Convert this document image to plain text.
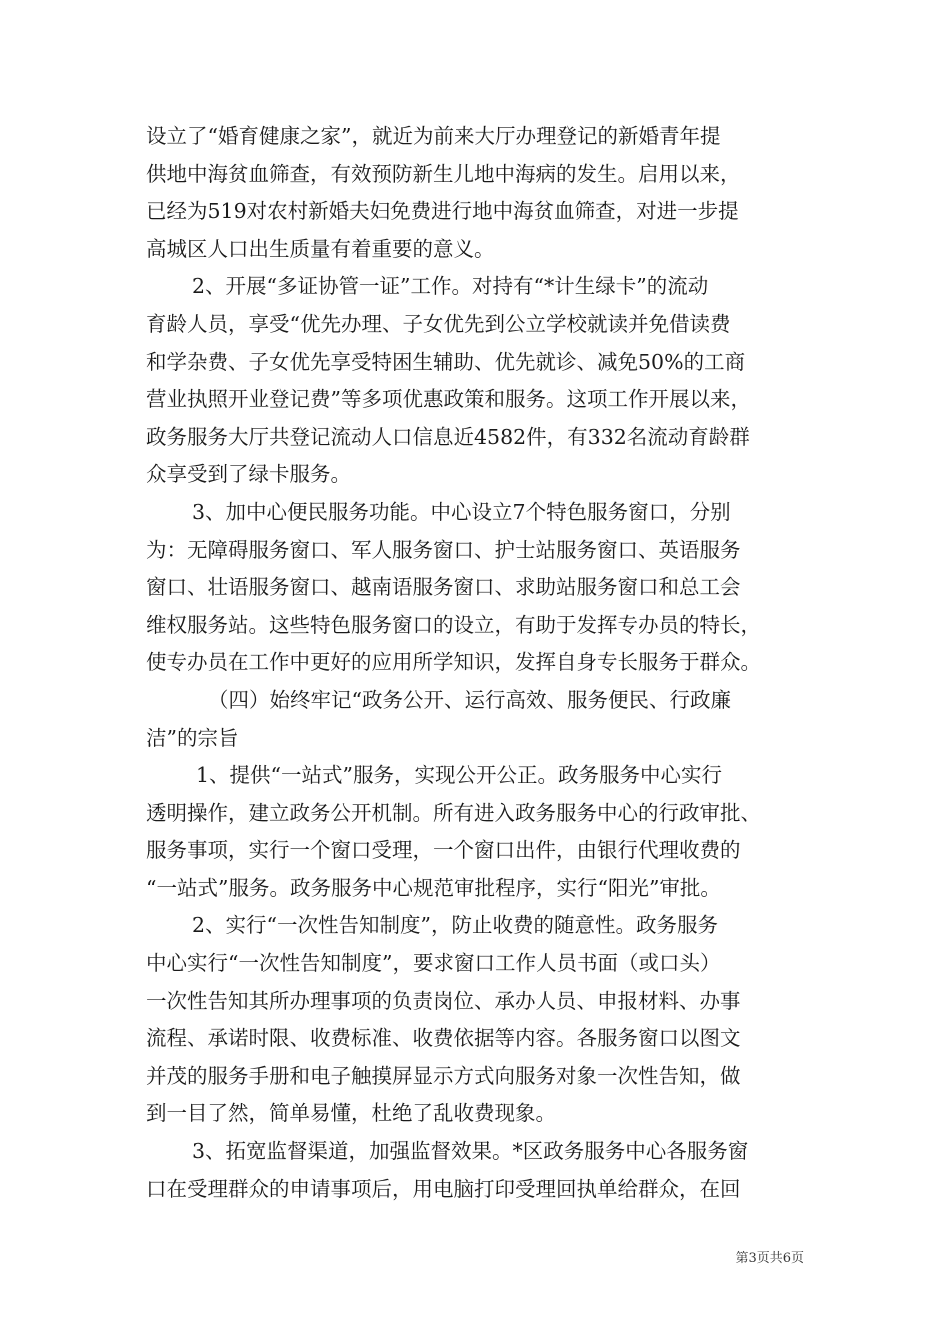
设立了“婚育健康之家”，就近为前来大厅办理登记的新婚青年提
供地中海贫血筛查，有效预防新生儿地中海病的发生。启用以来，
已经为519对农村新婚夫妇免费进行地中海贫血筛查，对进一步提
高城区人口出生质量有着重要的意义。
2、开展“多证协管一证”工作。对持有“*计生绿卡”的流动
育龄人员，享受“优先办理、子女优先到公立学校就读并免借读费
和学杂费、子女优先享受特困生辅助、优先就诊、减免50%的工商
营业执照开业登记费”等多项优惠政策和服务。这项工作开展以来，
政务服务大厅共登记流动人口信息近4582件，有332名流动育龄群
众享受到了绿卡服务。
3、加中心便民服务功能。中心设立7个特色服务窗口，分别
为：无障碍服务窗口、军人服务窗口、护士站服务窗口、英语服务
窗口、壮语服务窗口、越南语服务窗口、求助站服务窗口和总工会
维权服务站。这些特色服务窗口的设立，有助于发挥专办员的特长，
使专办员在工作中更好的应用所学知识，发挥自身专长服务于群众。
（四）始终牢记“政务公开、运行高效、服务便民、行政廉
洁”的宗旨
1、提供“一站式”服务，实现公开公正。政务服务中心实行
透明操作，建立政务公开机制。所有进入政务服务中心的行政审批、
服务事项，实行一个窗口受理，一个窗口出件，由银行代理收费的
“一站式”服务。政务服务中心规范审批程序，实行“阳光”审批。
2、实行“一次性告知制度”，防止收费的随意性。政务服务
中心实行“一次性告知制度”，要求窗口工作人员书面（或口头）
一次性告知其所办理事项的负责岗位、承办人员、申报材料、办事
流程、承诺时限、收费标准、收费依据等内容。各服务窗口以图文
并茂的服务手册和电子触摸屏显示方式向服务对象一次性告知，做
到一目了然，简单易懂，杜绝了乱收费现象。
3、拓宽监督渠道，加强监督效果。*区政务服务中心各服务窗
口在受理群众的申请事项后，用电脑打印受理回执单给群众，在回
第3页共6页
